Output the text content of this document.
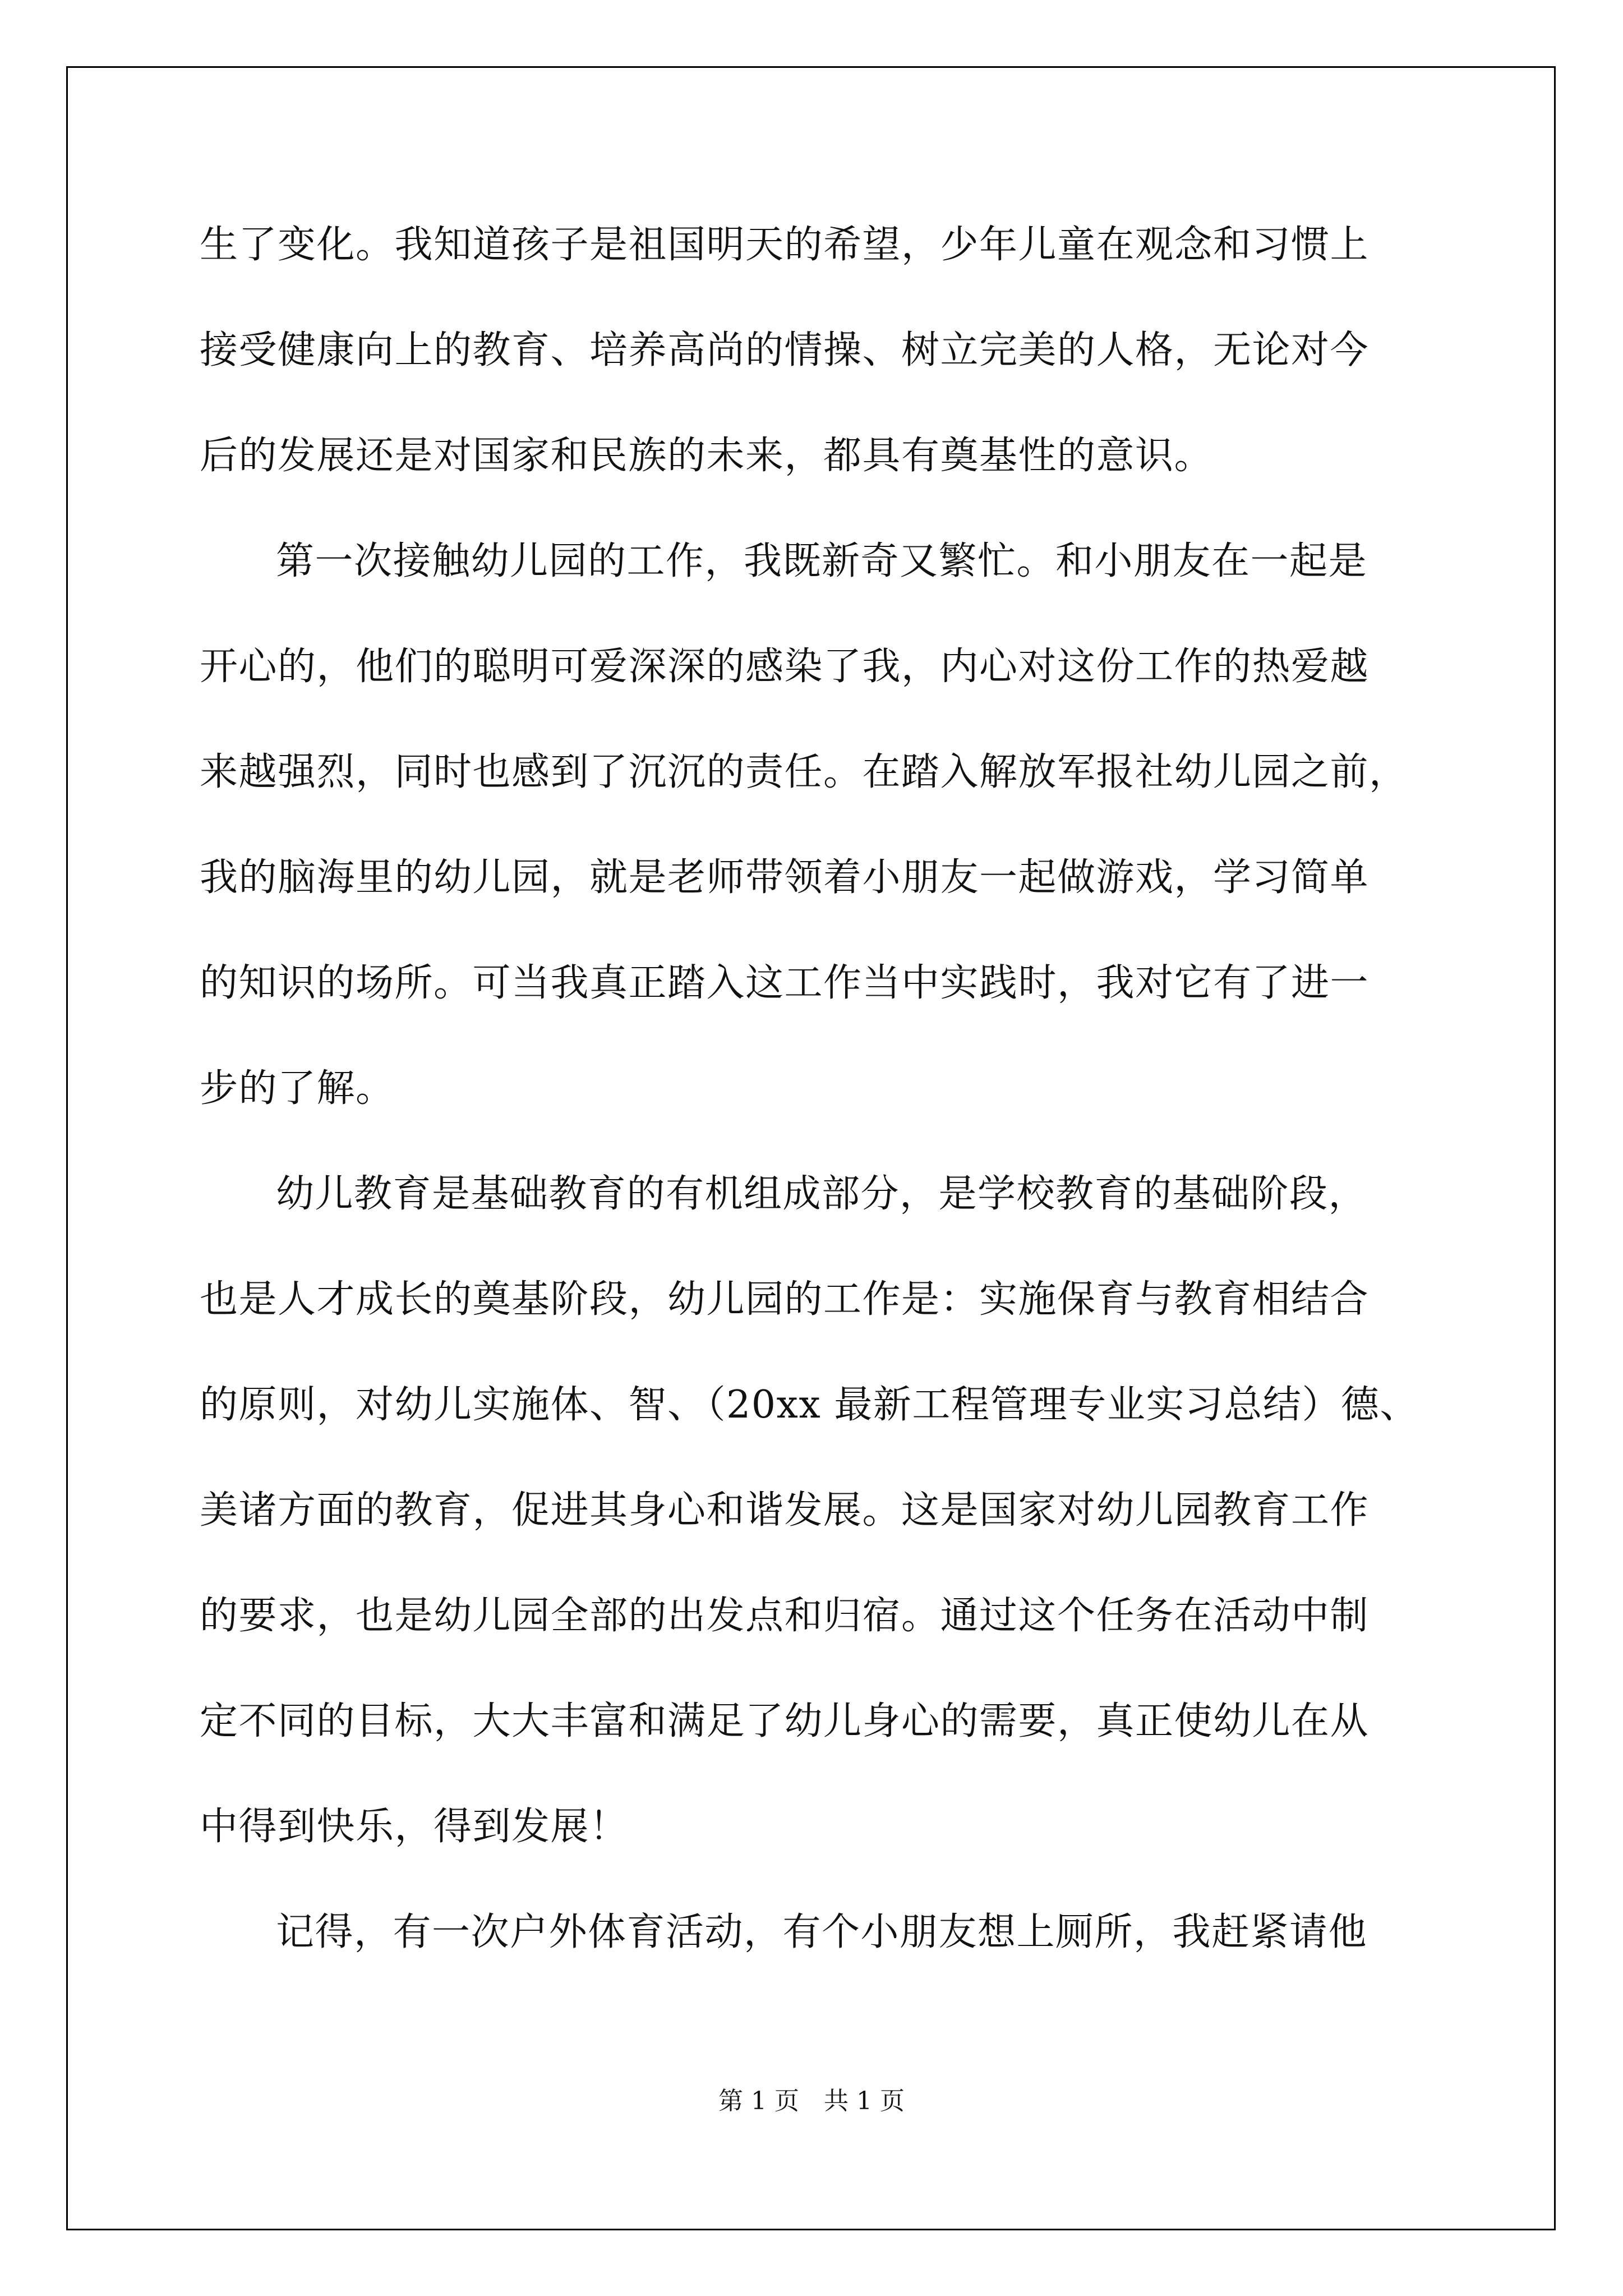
生了变化。我知道孩子是祖国明天的希望，少年儿童在观念和习惯上
接受健康向上的教育、培养高尚的情操、树立完美的人格，无论对今
后的发展还是对国家和民族的未来，都具有奠基性的意识。
第一次接触幼儿园的工作，我既新奇又繁忙。和小朋友在一起是
开心的，他们的聪明可爱深深的感染了我，内心对这份工作的热爱越
来越强烈，同时也感到了沉沉的责任。在踏入解放军报社幼儿园之前，
我的脑海里的幼儿园，就是老师带领着小朋友一起做游戏，学习简单
的知识的场所。可当我真正踏入这工作当中实践时，我对它有了进一
步的了解。
幼儿教育是基础教育的有机组成部分，是学校教育的基础阶段，
也是人才成长的奠基阶段，幼儿园的工作是：实施保育与教育相结合
的原则，对幼儿实施体、智、（20xx 最新工程管理专业实习总结）德、
美诸方面的教育，促进其身心和谐发展。这是国家对幼儿园教育工作
的要求，也是幼儿园全部的出发点和归宿。通过这个任务在活动中制
定不同的目标，大大丰富和满足了幼儿身心的需要，真正使幼儿在从
中得到快乐，得到发展！
记得，有一次户外体育活动，有个小朋友想上厕所，我赶紧请他
第 1 页　共 1 页
